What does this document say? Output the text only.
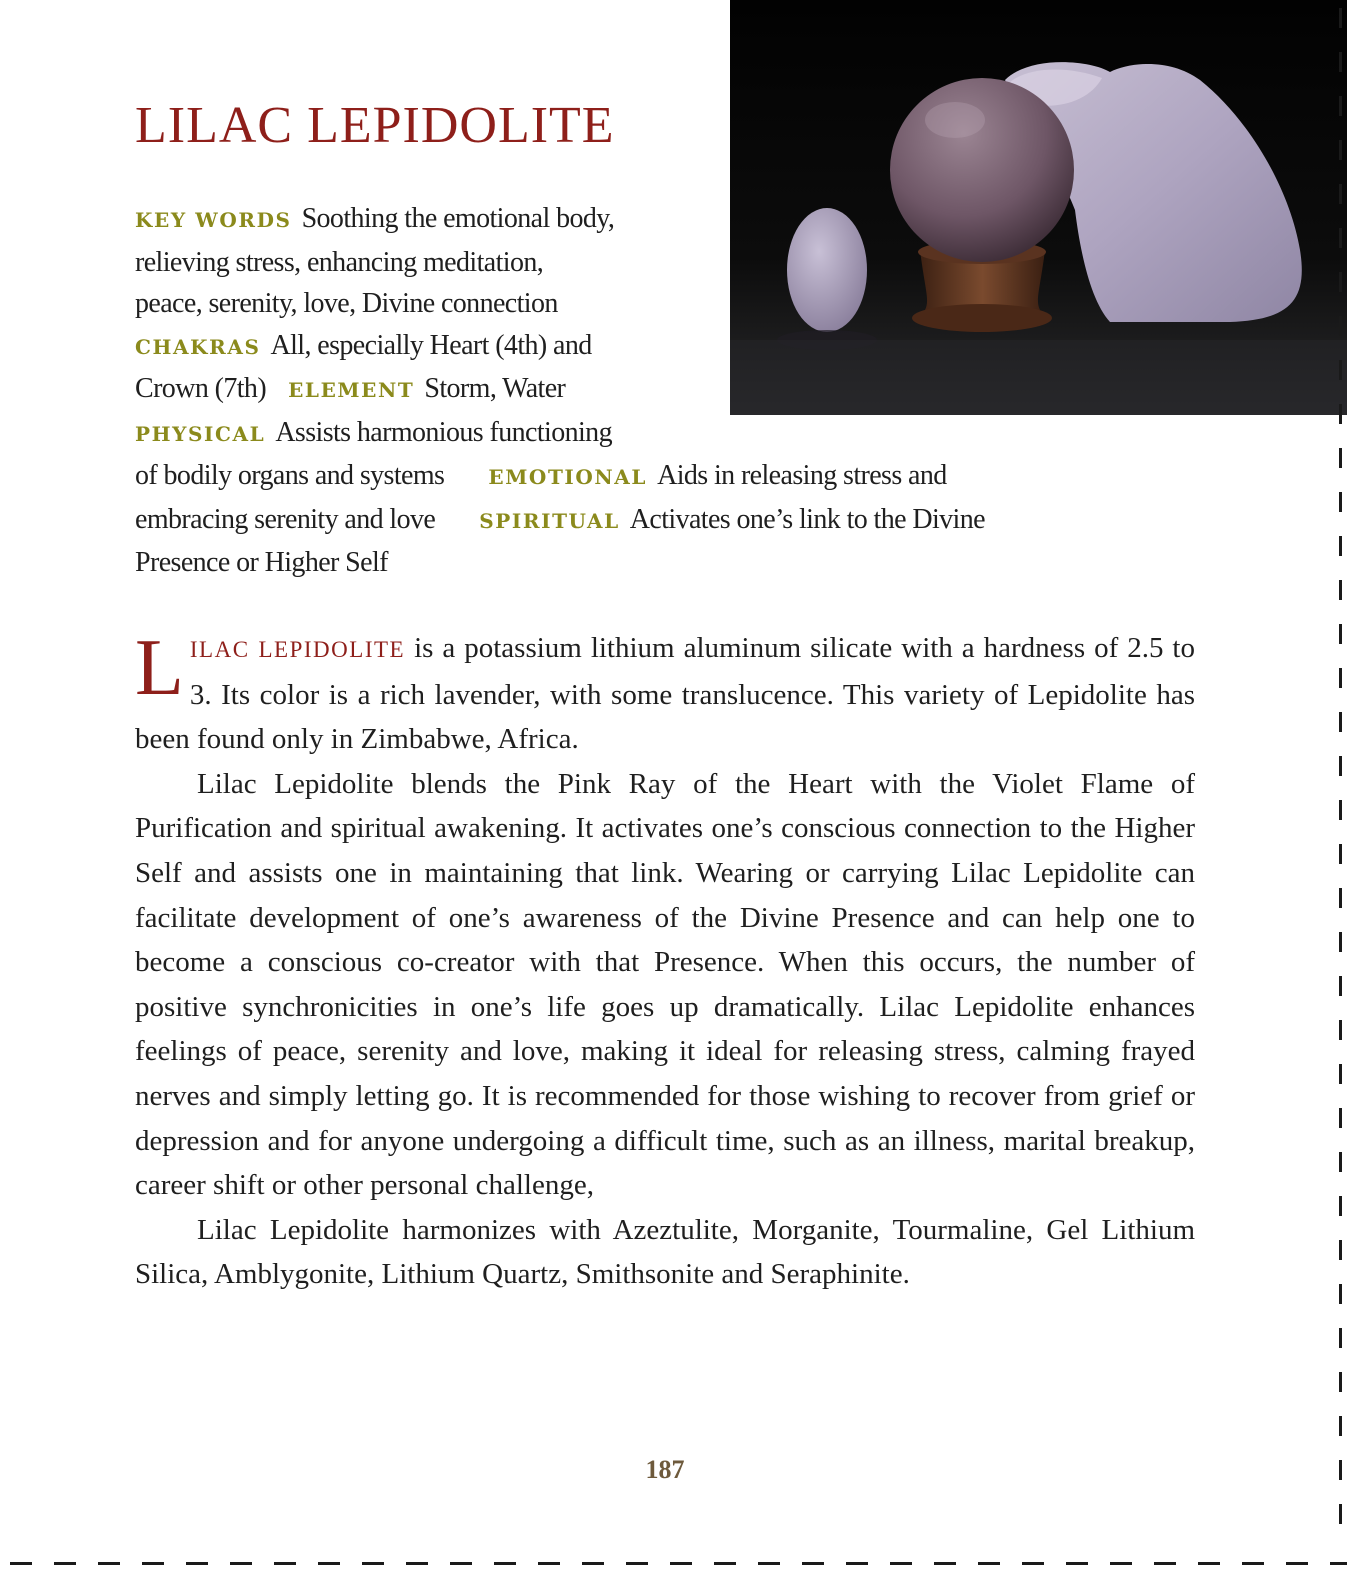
LILAC LEPIDOLITE
KEY WORDS Soothing the emotional body,
relieving stress, enhancing meditation,
peace, serenity, love, Divine connection
CHAKRAS All, especially Heart (4th) and
Crown (7th) ELEMENT Storm, Water
PHYSICAL Assists harmonious functioning
of bodily organs and systems EMOTIONAL Aids in releasing stress and
embracing serenity and love SPIRITUAL Activates one’s link to the Divine
Presence or Higher Self

LILAC LEPIDOLITE is a potassium lithium aluminum silicate with a hardness of 2.5 to 3. Its color is a rich lavender, with some translucence. This variety of Lepidolite has been found only in Zimbabwe, Africa.

Lilac Lepidolite blends the Pink Ray of the Heart with the Violet Flame of Purification and spiritual awakening. It activates one’s conscious connection to the Higher Self and assists one in maintaining that link. Wearing or carrying Lilac Lepidolite can facilitate development of one’s awareness of the Divine Presence and can help one to become a conscious co-creator with that Presence. When this occurs, the number of positive synchronicities in one’s life goes up dramatically. Lilac Lepidolite enhances feelings of peace, serenity and love, making it ideal for releasing stress, calming frayed nerves and simply letting go. It is recommended for those wishing to recover from grief or depression and for anyone undergoing a difficult time, such as an illness, marital breakup, career shift or other personal challenge,

Lilac Lepidolite harmonizes with Azeztulite, Morganite, Tourmaline, Gel Lithium Silica, Amblygonite, Lithium Quartz, Smithsonite and Seraphinite.

187
